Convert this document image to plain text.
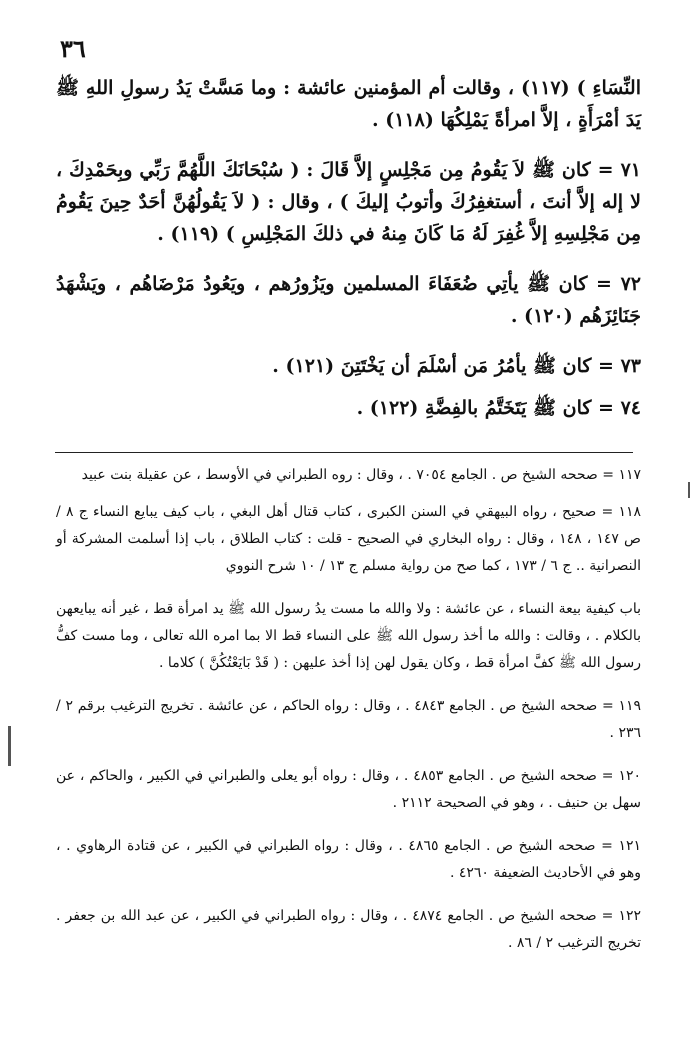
٣٦

النِّسَاءِ ) (١١٧) ، وقالت أم المؤمنين عائشة : وما مَسَّتْ يَدُ رسولِ اللهِ ﷺ يَدَ أمْرَأَةٍ ، إلاَّ امرأةً يَمْلِكُهَا (١١٨) .

٧١ = كان ﷺ لاَ يَقُومُ مِن مَجْلِسٍ إلاَّ قَالَ : ( سُبْحَانَكَ اللَّهُمَّ رَبِّي وبِحَمْدِكَ ، لا إله إلاَّ أنتَ ، أستغفِرُكَ وأتوبُ إليكَ ) ، وقال : ( لاَ يَقُولُهُنَّ أحَدٌ حِينَ يَقُومُ مِن مَجْلِسِهِ إلاَّ غُفِرَ لَهُ مَا كَانَ مِنهُ في ذلكَ المَجْلِسِ ) (١١٩) .

٧٢ = كان ﷺ يأتِي ضُعَفَاءَ المسلمين ويَزُورُهم ، ويَعُودُ مَرْضَاهُم ، ويَشْهَدُ جَنَائِزَهُم (١٢٠) .

٧٣ = كان ﷺ يأمُرُ مَن أسْلَمَ أن يَخْتَتِنَ (١٢١) .

٧٤ = كان ﷺ يَتَخَتَّمُ بالفِضَّةِ (١٢٢) .

١١٧ = صححه الشيخ ص . الجامع ٧٠٥٤ . ، وقال : روه الطبراني في الأوسط ، عن عقيلة بنت عبيد

١١٨ = صحيح ، رواه البيهقي في السنن الكبرى ، كتاب قتال أهل البغي ، باب كيف يبايع النساء ج ٨ / ص ١٤٧ ، ١٤٨ ، وقال : رواه البخاري في الصحيح - قلت : كتاب الطلاق ، باب إذا أسلمت المشركة أو النصرانية .. ج ٦ / ١٧٣ ، كما صح من رواية مسلم ج ١٣ / ١٠ شرح النووي

باب كيفية بيعة النساء ، عن عائشة : ولا والله ما مست يدُ رسول الله ﷺ يد امرأة قط ، غير أنه يبايعهن بالكلام . ، وقالت : والله ما أخذ رسول الله ﷺ على النساء قط الا بما امره الله تعالى ، وما مست كفُّ رسول الله ﷺ كفَّ امرأة قط ، وكان يقول لهن إذا أخذ عليهن : ( قَدْ بَايَعْتُكُنَّ ) كلاما .

١١٩ = صححه الشيخ ص . الجامع ٤٨٤٣ . ، وقال : رواه الحاكم ، عن عائشة . تخريج الترغيب برقم ٢ / ٢٣٦ .

١٢٠ = صححه الشيخ ص . الجامع ٤٨٥٣ . ، وقال : رواه أبو يعلى والطبراني في الكبير ، والحاكم ، عن سهل بن حنيف . ، وهو في الصحيحة ٢١١٢ .

١٢١ = صححه الشيخ ص . الجامع ٤٨٦٥ . ، وقال : رواه الطبراني في الكبير ، عن قتادة الرهاوي . ، وهو في الأحاديث الضعيفة ٤٢٦٠ .

١٢٢ = صححه الشيخ ص . الجامع ٤٨٧٤ . ، وقال : رواه الطبراني في الكبير ، عن عبد الله بن جعفر . تخريج الترغيب ٢ / ٨٦ .
